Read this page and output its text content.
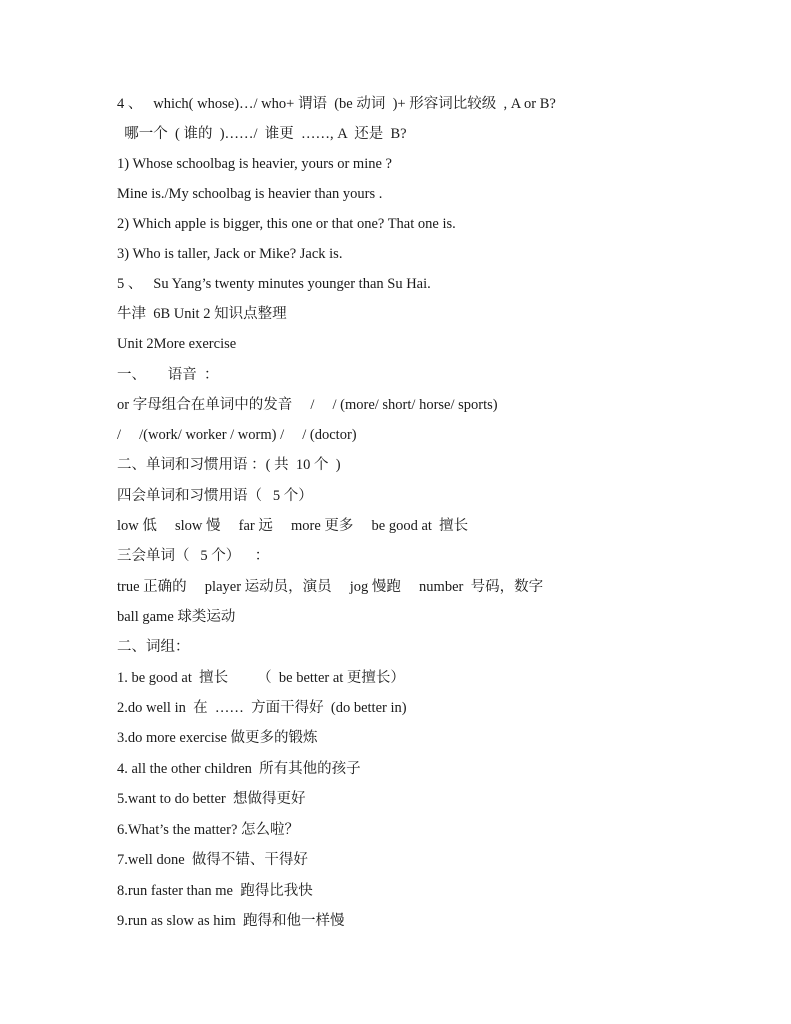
4 、   which( whose)…/ who+ 谓语  (be 动词  )+ 形容词比较级  , A or B?
哪一个  ( 谁的  )……/  谁更  ……, A  还是  B?
1) Whose schoolbag is heavier, yours or mine ?
Mine is./My schoolbag is heavier than yours .
2) Which apple is bigger, this one or that one? That one is.
3) Who is taller, Jack or Mike? Jack is.
5 、   Su Yang’s twenty minutes younger than Su Hai.
牛津  6B Unit 2 知识点整理
Unit 2More exercise
一、      语音  ：
or 字母组合在单词中的发音     /     / (more/ short/ horse/ sports)
/     /(work/ worker / worm) /     / (doctor)
二、单词和习惯用语 ：( 共  10 个  )
四会单词和习惯用语（   5 个）
low 低     slow 慢     far 远     more 更多     be good at  擅长
三会单词（   5 个）    ：
true 正确的     player 运动员，演员     jog 慢跑     number  号码，数字
ball game 球类运动
二、词组：
1. be good at  擅长        （  be better at 更擅长）
2.do well in  在  ……  方面干得好  (do better in)
3.do more exercise 做更多的锻炼
4. all the other children  所有其他的孩子
5.want to do better  想做得更好
6.What’s the matter? 怎么啦？
7.well done  做得不错、干得好
8.run faster than me  跑得比我快
9.run as slow as him  跑得和他一样慢
